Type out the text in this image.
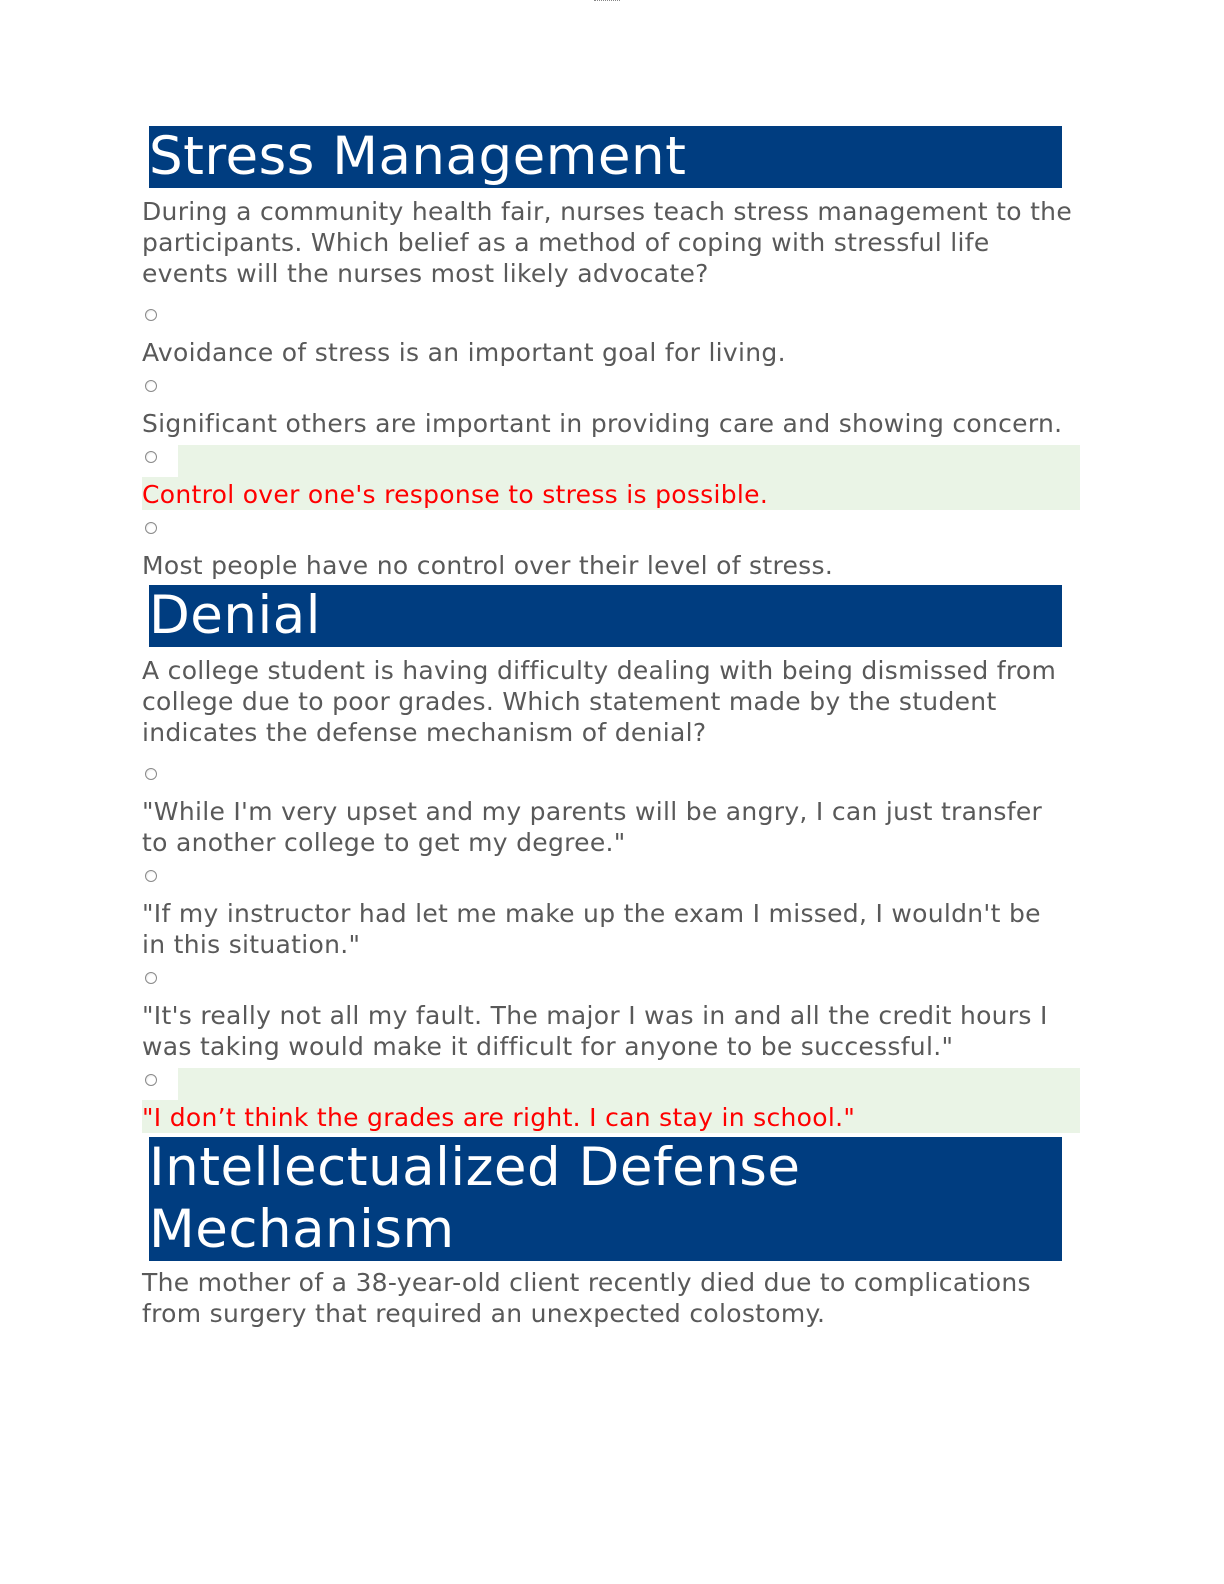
Stress Management

During a community health fair, nurses teach stress management to the participants. Which belief as a method of coping with stressful life events will the nurses most likely advocate?

Avoidance of stress is an important goal for living.
Significant others are important in providing care and showing concern.
Control over one's response to stress is possible.
Most people have no control over their level of stress.
Denial

A college student is having difficulty dealing with being dismissed from college due to poor grades. Which statement made by the student indicates the defense mechanism of denial?

"While I'm very upset and my parents will be angry, I can just transfer to another college to get my degree."
"If my instructor had let me make up the exam I missed, I wouldn't be in this situation."
"It's really not all my fault. The major I was in and all the credit hours I was taking would make it difficult for anyone to be successful."
"I don’t think the grades are right. I can stay in school."
Intellectualized Defense Mechanism

The mother of a 38-year-old client recently died due to complications from surgery that required an unexpected colostomy.
